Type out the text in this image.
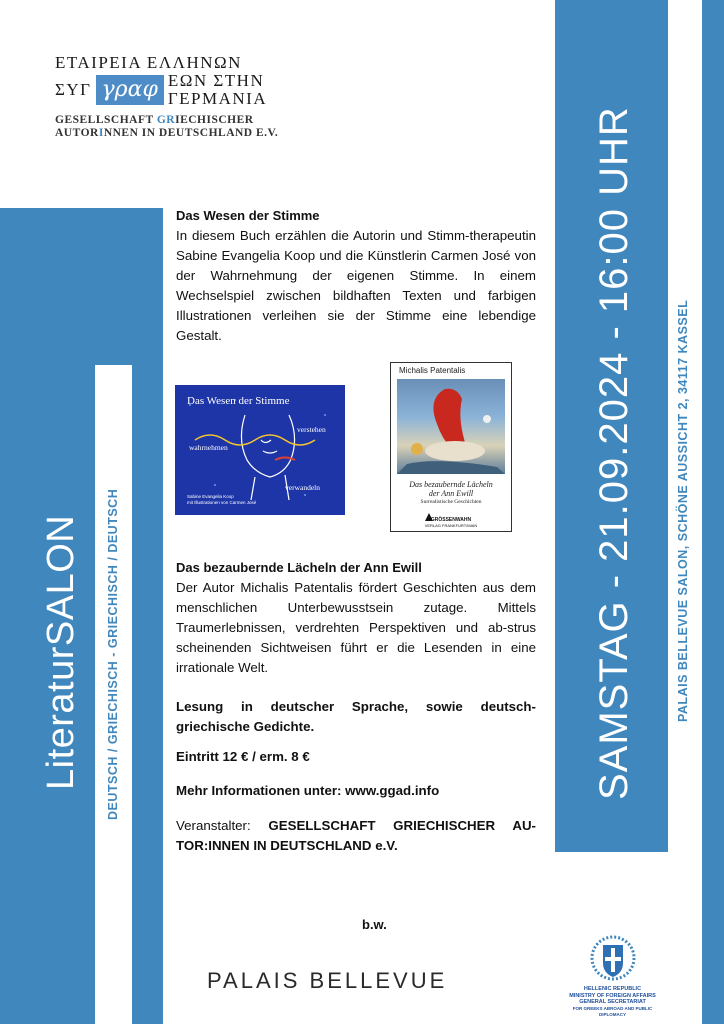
ΕΤΑΙΡΕΙΑ ΕΛΛΗΝΩΝ
ΣΥΓ γραφ ΕΩΝ ΣΤΗΝ
ΓΕΡΜΑΝΙΑ
GESELLSCHAFT GRIECHISCHER
AUTORINNEN IN DEUTSCHLAND E.V.
LiteraturSALON DEUTSCH / GRIECHISCH - GRIECHISCH / DEUTSCH	SAMSTAG - 21.09.2024 - 16:00 UHR	PALAIS BELLEVUE SALON, SCHÖNE AUSSICHT 2, 34117 KASSEL
Das Wesen der Stimme
In diesem Buch erzählen die Autorin und Stimm-therapeutin Sabine Evangelia Koop und die Künstlerin Carmen José von der Wahrnehmung der eigenen Stimme. In einem Wechselspiel zwischen bildhaften Texten und farbigen Illustrationen verleihen sie der Stimme eine lebendige Gestalt.
Das Wesen der Stimme
verstehen
wahrnehmen
verwandeln
Sabine Evangelia Koop
mit Illustrationen von Carmen José
Michalis Patentalis
Das bezaubernde Lächeln
der Ann Ewill
Surrealistische Geschichten
GRÖSSENWAHN
VERLAG FRANKFURT/MAIN
Das bezaubernde Lächeln der Ann Ewill
Der Autor Michalis Patentalis fördert Geschichten aus dem menschlichen Unterbewusstsein zutage. Mittels Traumerlebnissen, verdrehten Perspektiven und ab-strus scheinenden Sichtweisen führt er die Lesenden in eine irrationale Welt.
Lesung in deutscher Sprache, sowie deutsch-griechische Gedichte.
Eintritt 12 € / erm. 8 €
Mehr Informationen unter: www.ggad.info
Veranstalter: GESELLSCHAFT GRIECHISCHER AU-TOR:INNEN IN DEUTSCHLAND e.V.
b.w.
PALAIS BELLEVUE	HELLENIC REPUBLIC
MINISTRY OF FOREIGN AFFAIRS
GENERAL SECRETARIAT
FOR GREEKS ABROAD AND PUBLIC DIPLOMACY
